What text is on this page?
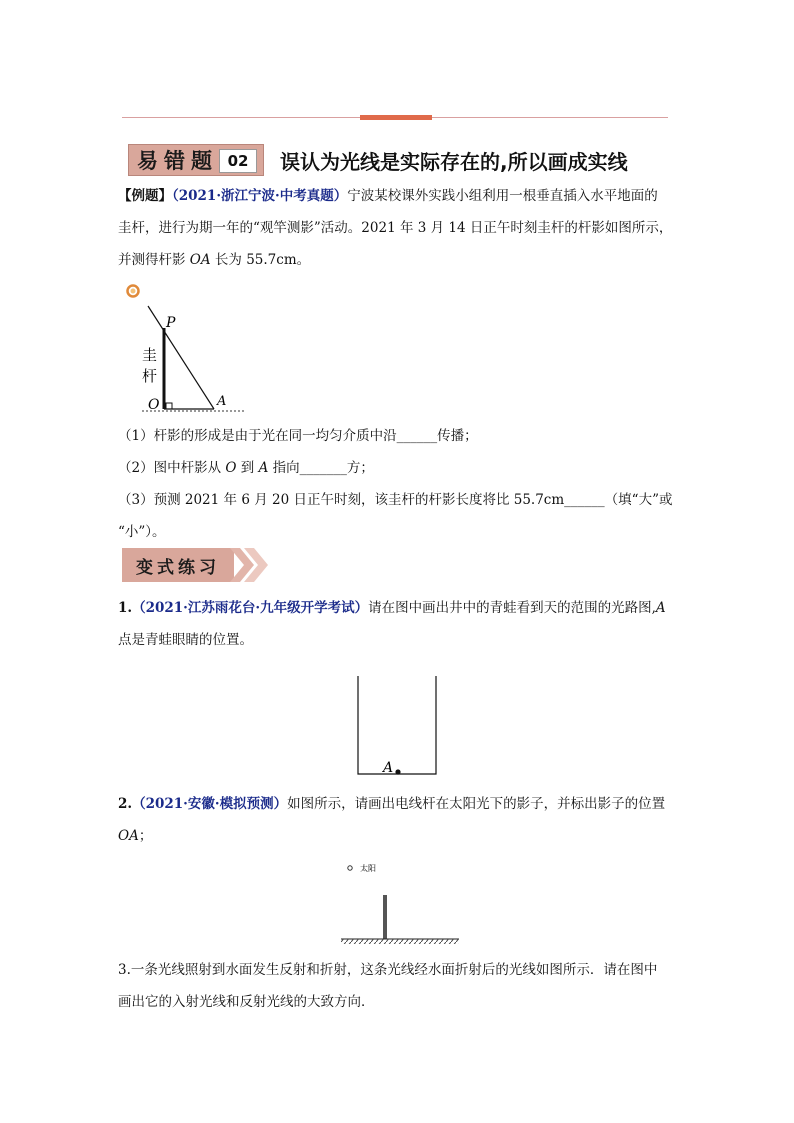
易错题 02	误认为光线是实际存在的,所以画成实线
【例题】（2021·浙江宁波·中考真题）宁波某校课外实践小组利用一根垂直插入水平地面的
圭杆，进行为期一年的“观竿测影”活动。2021 年 3 月 14 日正午时刻圭杆的杆影如图所示，
并测得杆影 OA 长为 55.7cm。
P
O	A
圭
杆
（1）杆影的形成是由于光在同一均匀介质中沿______传播；
（2）图中杆影从 O 到 A 指向_______方；
（3）预测 2021 年 6 月 20 日正午时刻，该圭杆的杆影长度将比 55.7cm______（填“大”或
“小”）。
变式练习
1.（2021·江苏雨花台·九年级开学考试）请在图中画出井中的青蛙看到天的范围的光路图,A
点是青蛙眼睛的位置。
A
2.（2021·安徽·模拟预测）如图所示，请画出电线杆在太阳光下的影子，并标出影子的位置
OA；
太阳
3.一条光线照射到水面发生反射和折射，这条光线经水面折射后的光线如图所示．请在图中
画出它的入射光线和反射光线的大致方向．
